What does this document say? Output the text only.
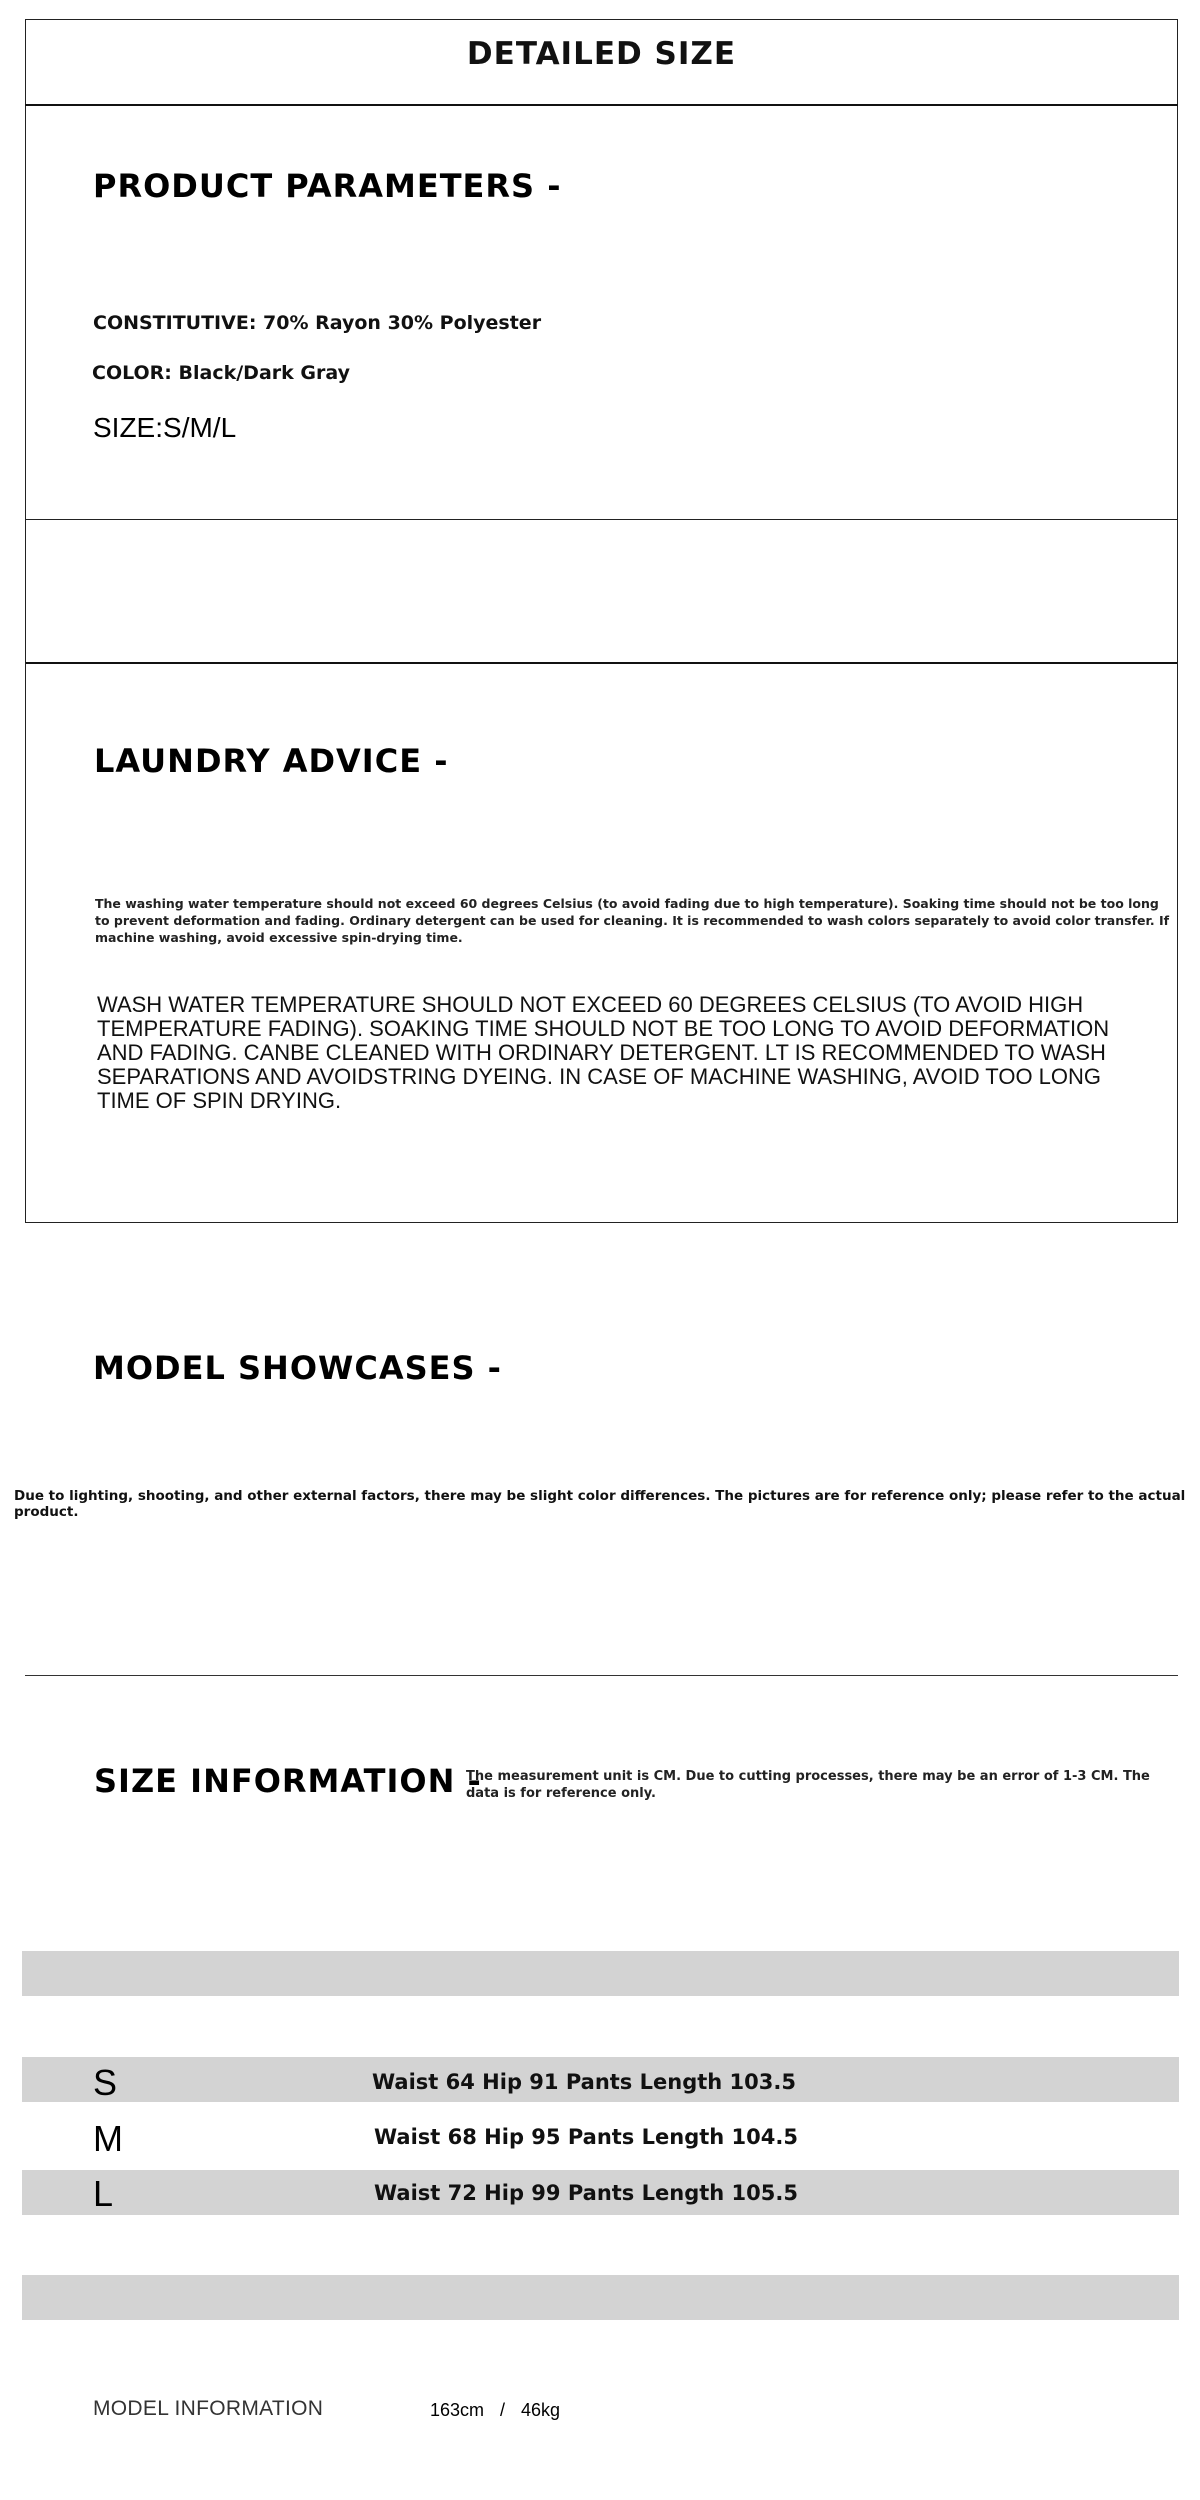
DETAILED SIZE
PRODUCT PARAMETERS -
CONSTITUTIVE: 70% Rayon 30% Polyester
COLOR: Black/Dark Gray
SIZE:S/M/L
LAUNDRY ADVICE -
The washing water temperature should not exceed 60 degrees Celsius (to avoid fading due to high temperature). Soaking time should not be too long to prevent deformation and fading. Ordinary detergent can be used for cleaning. It is recommended to wash colors separately to avoid color transfer. If machine washing, avoid excessive spin-drying time.
WASH WATER TEMPERATURE SHOULD NOT EXCEED 60 DEGREES CELSIUS (TO AVOID HIGH TEMPERATURE FADING). SOAKING TIME SHOULD NOT BE TOO LONG TO AVOID DEFORMATION AND FADING. CANBE CLEANED WITH ORDINARY DETERGENT. LT IS RECOMMENDED TO WASH SEPARATIONS AND AVOIDSTRING DYEING. IN CASE OF MACHINE WASHING, AVOID TOO LONG TIME OF SPIN DRYING.
MODEL SHOWCASES -
Due to lighting, shooting, and other external factors, there may be slight color differences. The pictures are for reference only; please refer to the actual product.
SIZE INFORMATION -
The measurement unit is CM. Due to cutting processes, there may be an error of 1-3 CM. The data is for reference only.
S	Waist 64 Hip 91 Pants Length 103.5
M	Waist 68 Hip 95 Pants Length 104.5
L	Waist 72 Hip 99 Pants Length 105.5
MODEL INFORMATION	163cm  /  46kg
